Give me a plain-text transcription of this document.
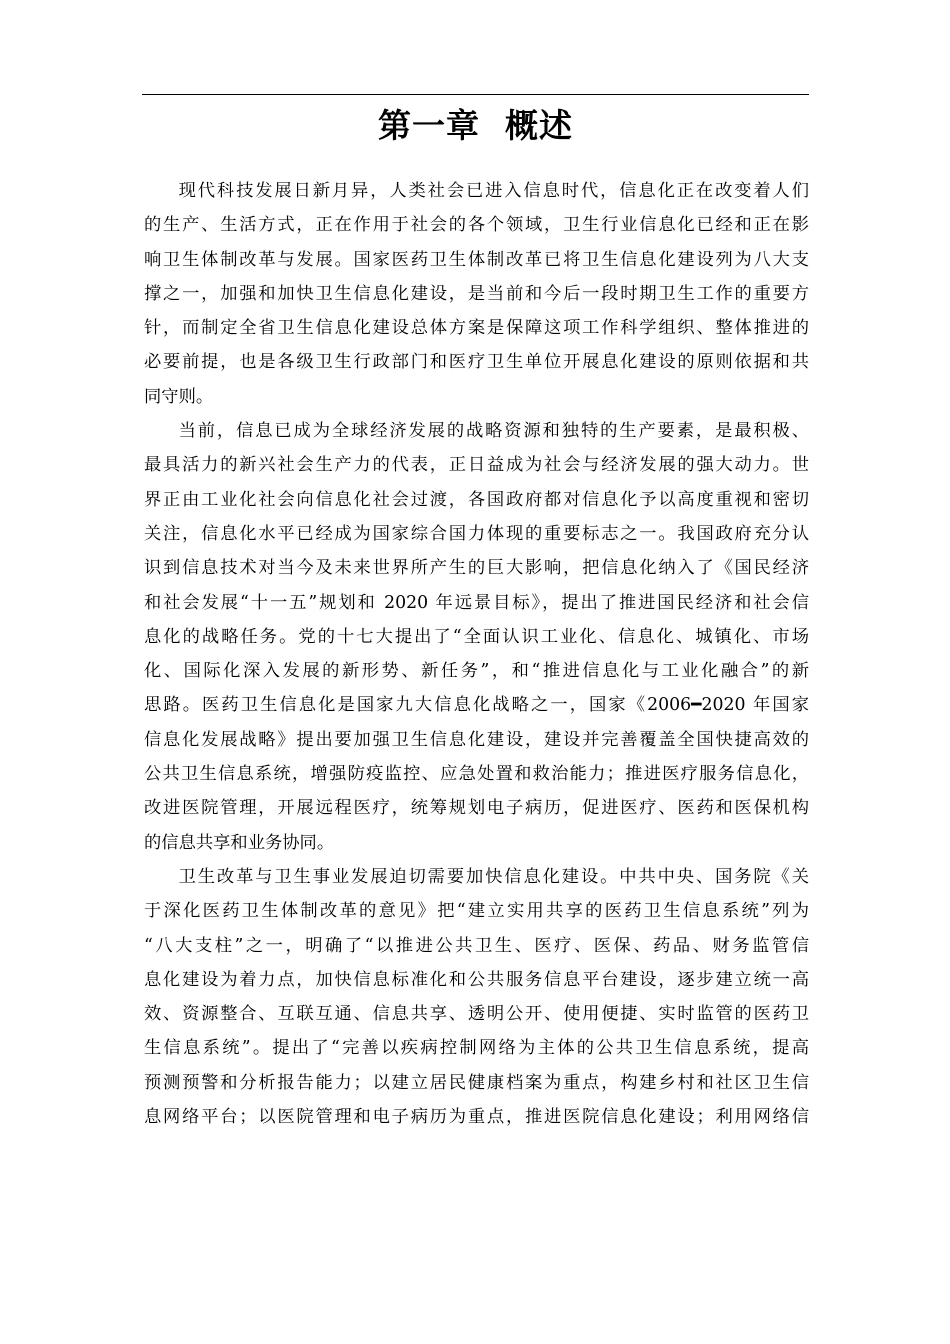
第一章  概述
现代科技发展日新月异，人类社会已进入信息时代，信息化正在改变着人们
的生产、生活方式，正在作用于社会的各个领域，卫生行业信息化已经和正在影
响卫生体制改革与发展。国家医药卫生体制改革已将卫生信息化建设列为八大支
撑之一，加强和加快卫生信息化建设，是当前和今后一段时期卫生工作的重要方
针，而制定全省卫生信息化建设总体方案是保障这项工作科学组织、整体推进的
必要前提，也是各级卫生行政部门和医疗卫生单位开展息化建设的原则依据和共
同守则。
当前，信息已成为全球经济发展的战略资源和独特的生产要素，是最积极、
最具活力的新兴社会生产力的代表，正日益成为社会与经济发展的强大动力。世
界正由工业化社会向信息化社会过渡，各国政府都对信息化予以高度重视和密切
关注，信息化水平已经成为国家综合国力体现的重要标志之一。我国政府充分认
识到信息技术对当今及未来世界所产生的巨大影响，把信息化纳入了《国民经济
和社会发展“十一五”规划和 2020 年远景目标》，提出了推进国民经济和社会信
息化的战略任务。党的十七大提出了“全面认识工业化、信息化、城镇化、市场
化、国际化深入发展的新形势、新任务”，和“推进信息化与工业化融合”的新
思路。医药卫生信息化是国家九大信息化战略之一，国家《2006━2020 年国家
信息化发展战略》提出要加强卫生信息化建设，建设并完善覆盖全国快捷高效的
公共卫生信息系统，增强防疫监控、应急处置和救治能力；推进医疗服务信息化，
改进医院管理，开展远程医疗，统筹规划电子病历，促进医疗、医药和医保机构
的信息共享和业务协同。
卫生改革与卫生事业发展迫切需要加快信息化建设。中共中央、国务院《关
于深化医药卫生体制改革的意见》把“建立实用共享的医药卫生信息系统”列为
“八大支柱”之一，明确了“以推进公共卫生、医疗、医保、药品、财务监管信
息化建设为着力点，加快信息标准化和公共服务信息平台建设，逐步建立统一高
效、资源整合、互联互通、信息共享、透明公开、使用便捷、实时监管的医药卫
生信息系统”。提出了“完善以疾病控制网络为主体的公共卫生信息系统，提高
预测预警和分析报告能力；以建立居民健康档案为重点，构建乡村和社区卫生信
息网络平台；以医院管理和电子病历为重点，推进医院信息化建设；利用网络信
